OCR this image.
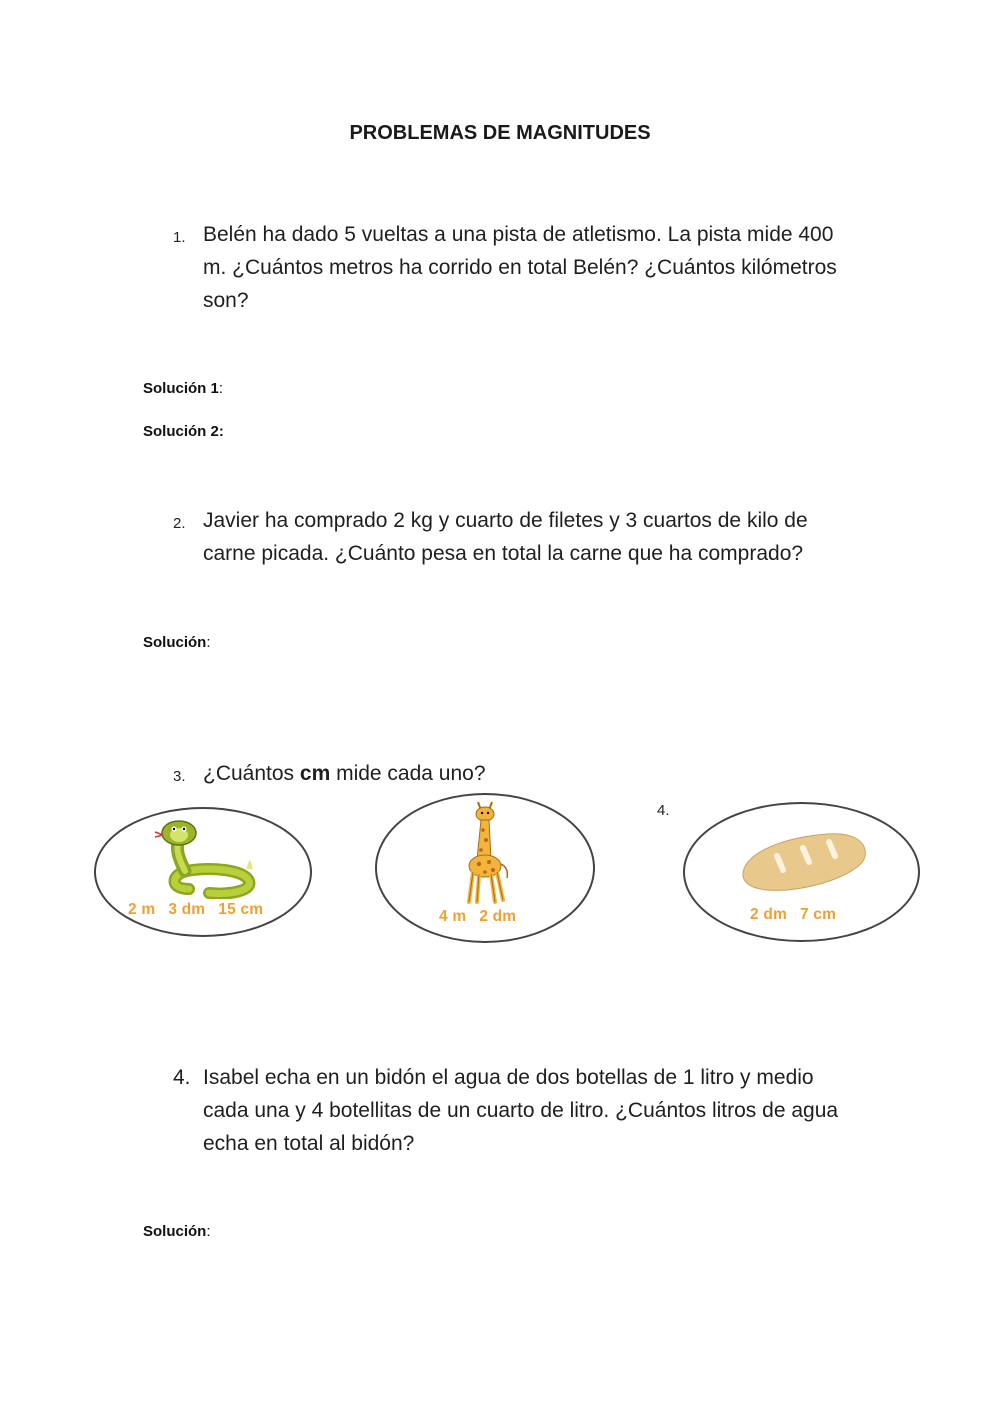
PROBLEMAS DE MAGNITUDES
1. Belén ha dado 5 vueltas a una pista de atletismo. La pista mide 400
m. ¿Cuántos metros ha corrido en total Belén? ¿Cuántos kilómetros
son?
Solución 1:
Solución 2:
2. Javier ha comprado 2 kg y cuarto de filetes y 3 cuartos de kilo de
carne picada. ¿Cuánto pesa en total la carne que ha comprado?
Solución:
3. ¿Cuántos cm mide cada uno?
4.
2 m 3 dm 15 cm	4 m 2 dm	2 dm 7 cm
4. Isabel echa en un bidón el agua de dos botellas de 1 litro y medio
cada una y 4 botellitas de un cuarto de litro. ¿Cuántos litros de agua
echa en total al bidón?
Solución:
